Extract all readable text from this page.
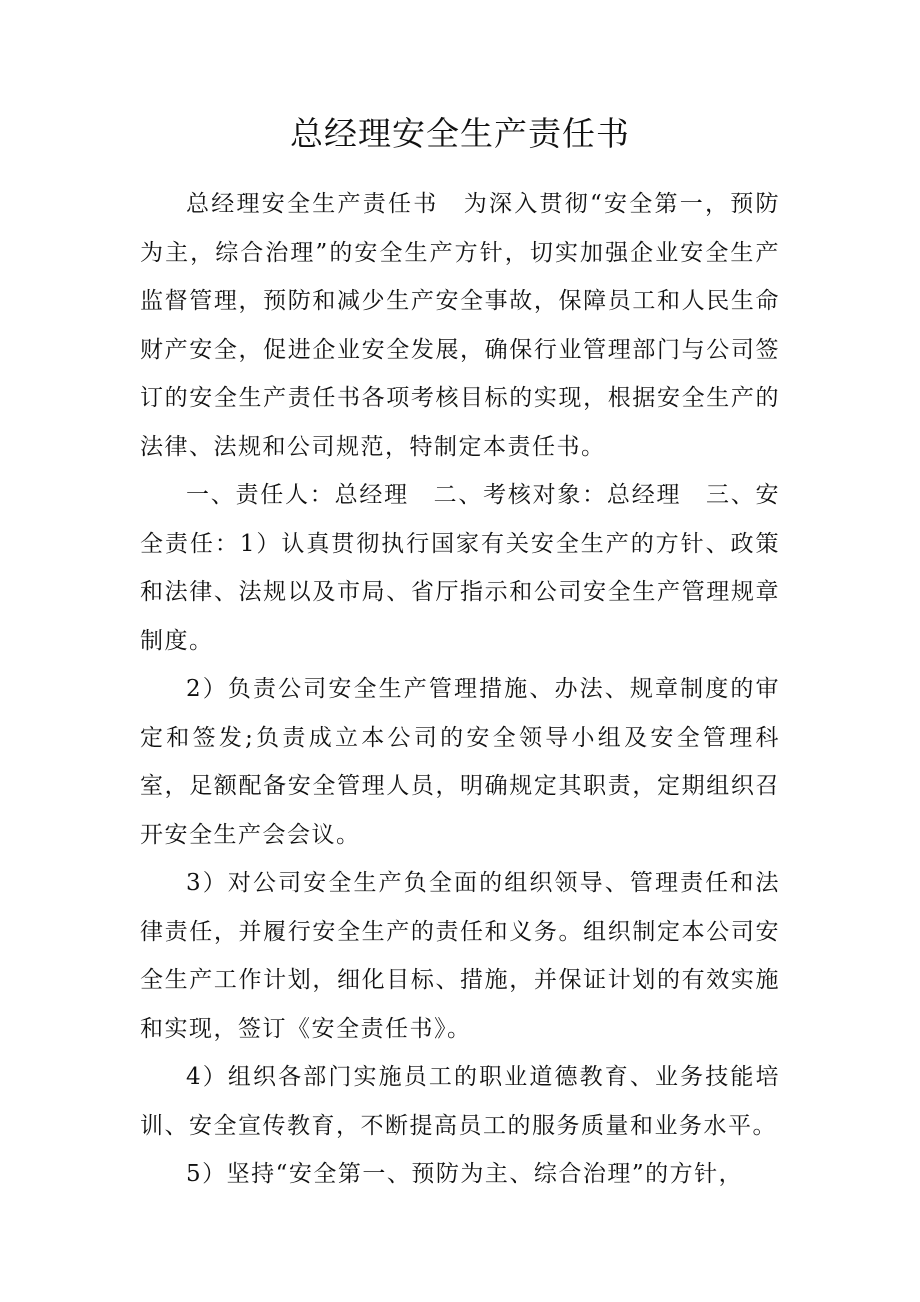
总经理安全生产责任书

总经理安全生产责任书　为深入贯彻“安全第一，预防为主，综合治理”的安全生产方针，切实加强企业安全生产监督管理，预防和减少生产安全事故，保障员工和人民生命财产安全，促进企业安全发展，确保行业管理部门与公司签订的安全生产责任书各项考核目标的实现，根据安全生产的法律、法规和公司规范，特制定本责任书。

一、责任人：总经理　二、考核对象：总经理　三、安全责任：1）认真贯彻执行国家有关安全生产的方针、政策和法律、法规以及市局、省厅指示和公司安全生产管理规章制度。

2）负责公司安全生产管理措施、办法、规章制度的审定和签发;负责成立本公司的安全领导小组及安全管理科室，足额配备安全管理人员，明确规定其职责，定期组织召开安全生产会会议。

3）对公司安全生产负全面的组织领导、管理责任和法律责任，并履行安全生产的责任和义务。组织制定本公司安全生产工作计划，细化目标、措施，并保证计划的有效实施和实现，签订《安全责任书》。

4）组织各部门实施员工的职业道德教育、业务技能培训、安全宣传教育，不断提高员工的服务质量和业务水平。

5）坚持“安全第一、预防为主、综合治理”的方针，
